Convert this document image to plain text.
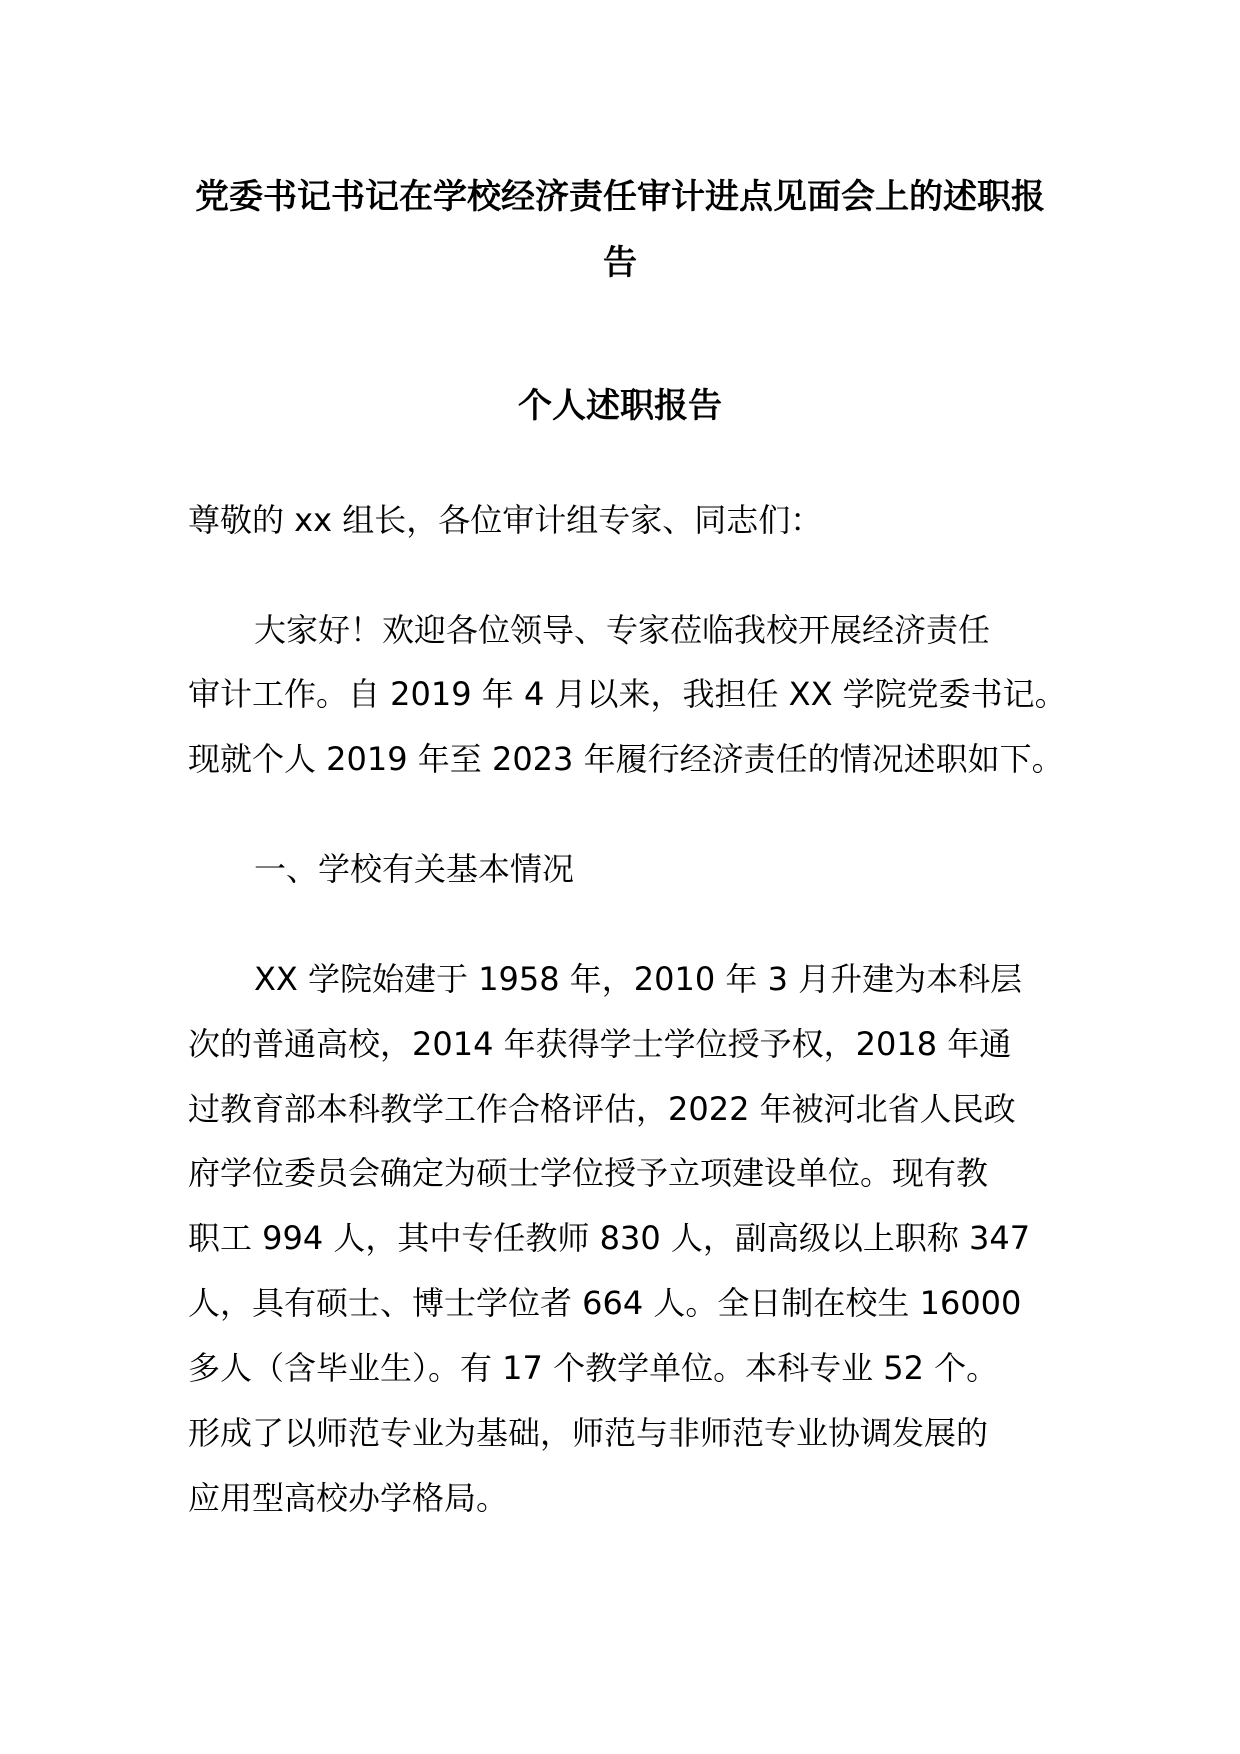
党委书记书记在学校经济责任审计进点见面会上的述职报
告
个人述职报告
尊敬的 xx 组长，各位审计组专家、同志们：
大家好！欢迎各位领导、专家莅临我校开展经济责任
审计工作。自 2019 年 4 月以来，我担任 XX 学院党委书记。
现就个人 2019 年至 2023 年履行经济责任的情况述职如下。
一、学校有关基本情况
XX 学院始建于 1958 年，2010 年 3 月升建为本科层
次的普通高校，2014 年获得学士学位授予权，2018 年通
过教育部本科教学工作合格评估，2022 年被河北省人民政
府学位委员会确定为硕士学位授予立项建设单位。现有教
职工 994 人，其中专任教师 830 人，副高级以上职称 347
人，具有硕士、博士学位者 664 人。全日制在校生 16000
多人（含毕业生）。有 17 个教学单位。本科专业 52 个。
形成了以师范专业为基础，师范与非师范专业协调发展的
应用型高校办学格局。
